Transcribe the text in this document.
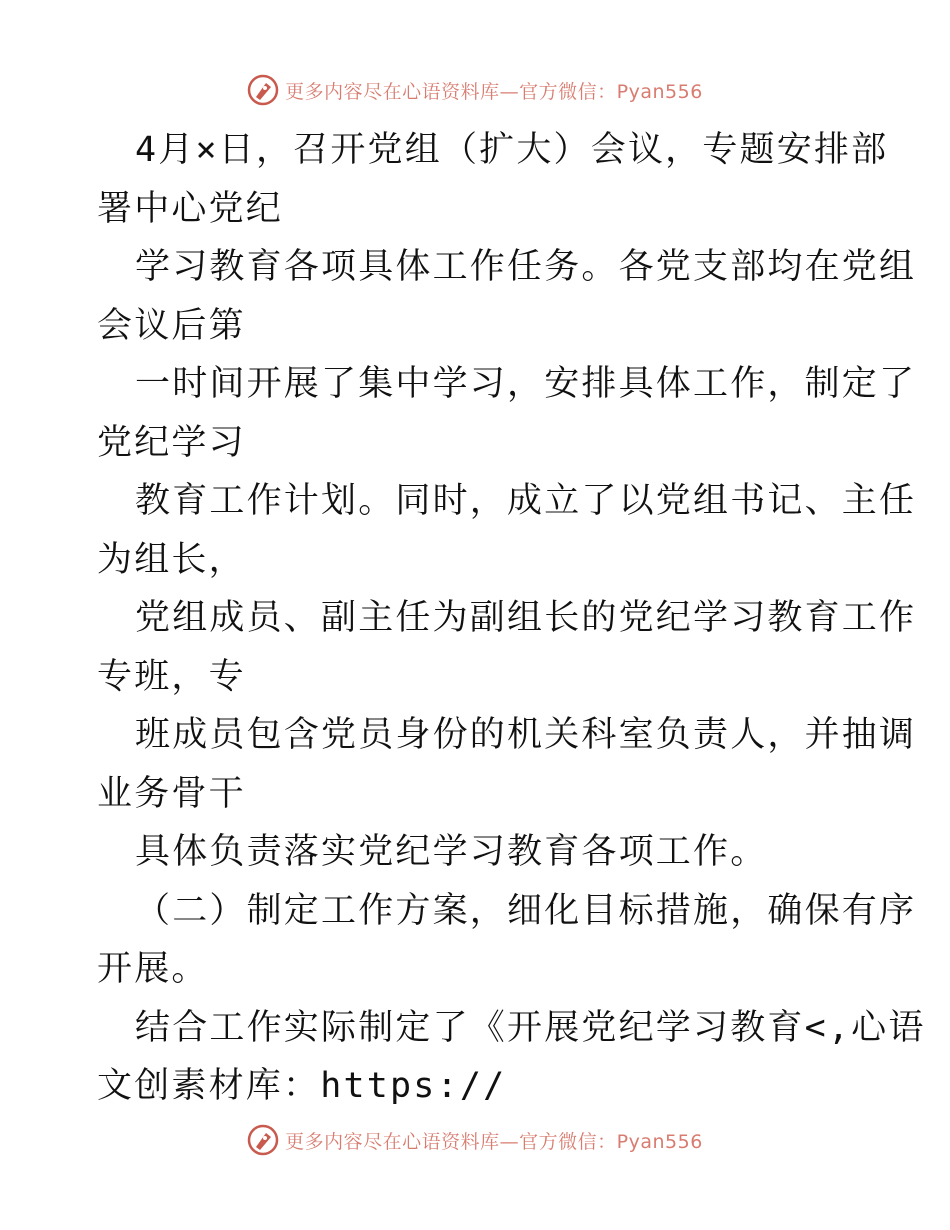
更多内容尽在心语资料库—官方微信：Pyan556
4月×日，召开党组（扩大）会议，专题安排部
署中心党纪
学习教育各项具体工作任务。各党支部均在党组
会议后第
一时间开展了集中学习，安排具体工作，制定了
党纪学习
教育工作计划。同时，成立了以党组书记、主任
为组长，
党组成员、副主任为副组长的党纪学习教育工作
专班，专
班成员包含党员身份的机关科室负责人，并抽调
业务骨干
具体负责落实党纪学习教育各项工作。
（二）制定工作方案，细化目标措施，确保有序
开展。
结合工作实际制定了《开展党纪学习教育<,心语
文创素材库：https://
更多内容尽在心语资料库—官方微信：Pyan556
